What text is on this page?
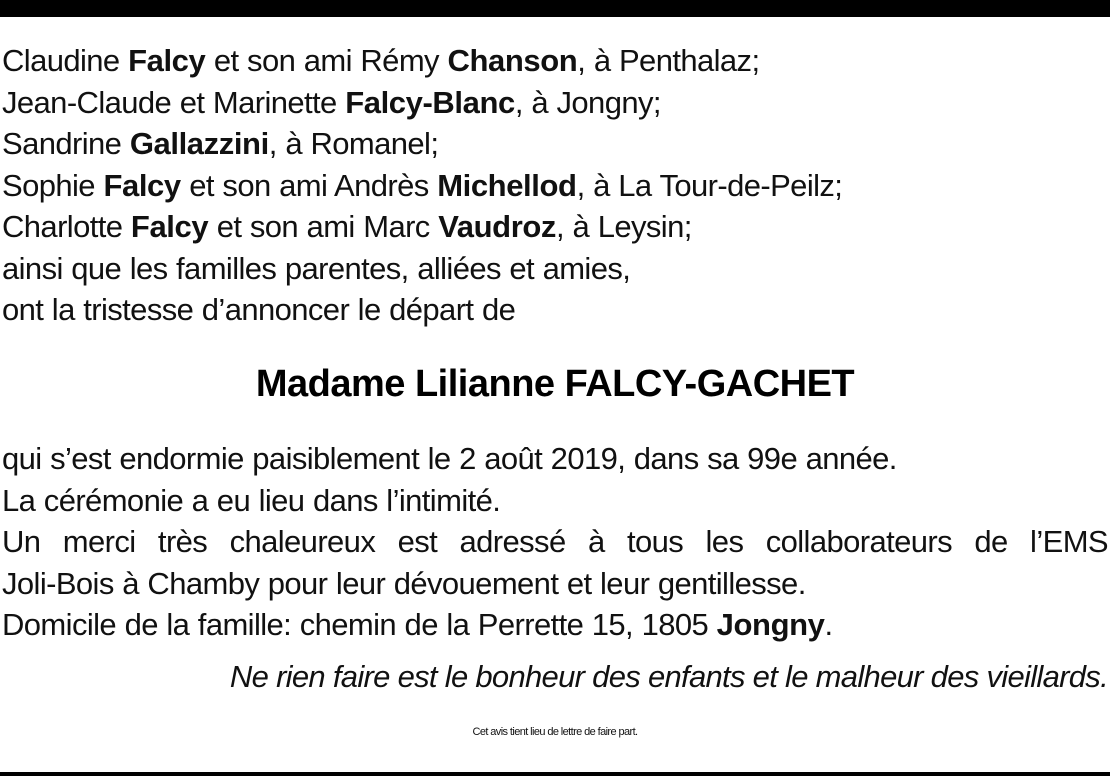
Claudine Falcy et son ami Rémy Chanson, à Penthalaz;
Jean-Claude et Marinette Falcy-Blanc, à Jongny;
Sandrine Gallazzini, à Romanel;
Sophie Falcy et son ami Andrès Michellod, à La Tour-de-Peilz;
Charlotte Falcy et son ami Marc Vaudroz, à Leysin;
ainsi que les familles parentes, alliées et amies,
ont la tristesse d’annoncer le départ de
Madame Lilianne FALCY-GACHET
qui s’est endormie paisiblement le 2 août 2019, dans sa 99e année.
La cérémonie a eu lieu dans l’intimité.
Un merci très chaleureux est adressé à tous les collaborateurs de l’EMS
Joli-Bois à Chamby pour leur dévouement et leur gentillesse.
Domicile de la famille: chemin de la Perrette 15, 1805 Jongny.
Ne rien faire est le bonheur des enfants et le malheur des vieillards.
Cet avis tient lieu de lettre de faire part.
